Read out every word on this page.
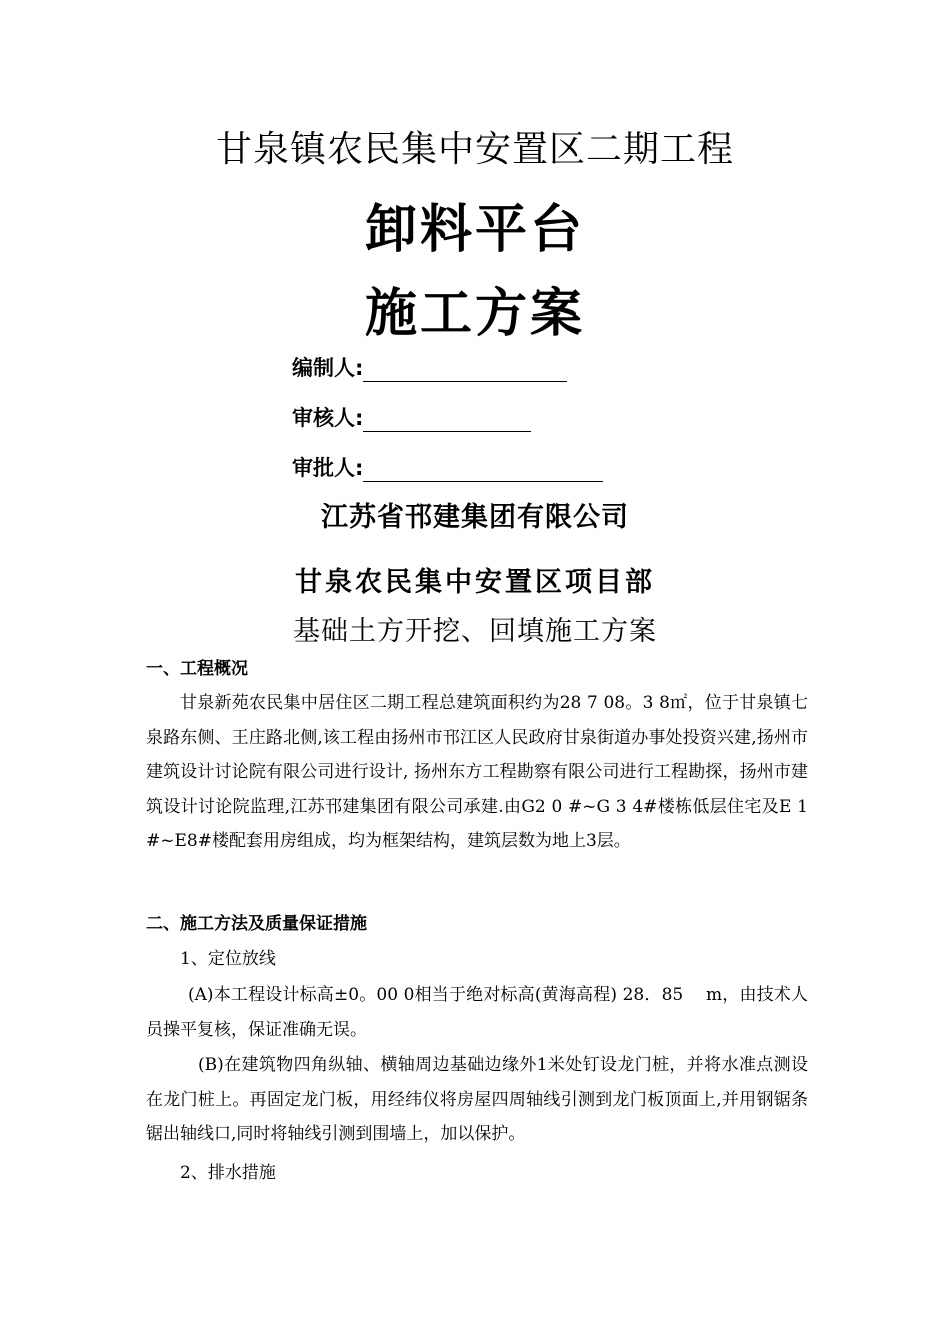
甘泉镇农民集中安置区二期工程
卸料平台
施工方案
编制人:
审核人:
审批人:
江苏省邗建集团有限公司
甘泉农民集中安置区项目部
基础土方开挖、回填施工方案
一、工程概况
甘泉新苑农民集中居住区二期工程总建筑面积约为28 7 08。3 8㎡，位于甘泉镇七泉路东侧、王庄路北侧,该工程由扬州市邗江区人民政府甘泉街道办事处投资兴建,扬州市建筑设计讨论院有限公司进行设计, 扬州东方工程勘察有限公司进行工程勘探，扬州市建筑设计讨论院监理,江苏邗建集团有限公司承建.由G2 0 #~G 3 4#楼栋低层住宅及E 1 #~E8#楼配套用房组成，均为框架结构，建筑层数为地上3层。
二、施工方法及质量保证措施
1、定位放线
(A)本工程设计标高±0。00 0相当于绝对标高(黄海高程) 28．85 　m，由技术人员操平复核，保证准确无误。
(B)在建筑物四角纵轴、横轴周边基础边缘外1米处钉设龙门桩，并将水准点测设在龙门桩上。再固定龙门板，用经纬仪将房屋四周轴线引测到龙门板顶面上,并用钢锯条锯出轴线口,同时将轴线引测到围墙上，加以保护。
2、排水措施
